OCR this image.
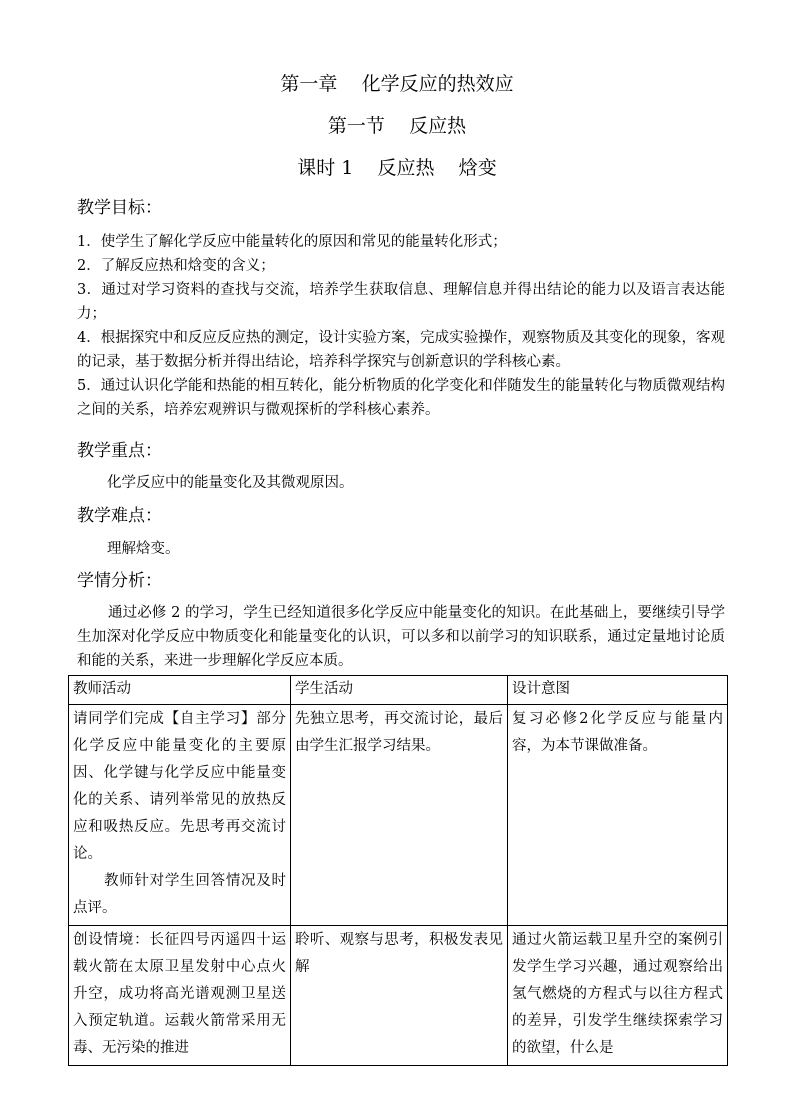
第一章    化学反应的热效应
第一节    反应热
课时 1    反应热    焓变
教学目标：

1．使学生了解化学反应中能量转化的原因和常见的能量转化形式；

2．了解反应热和焓变的含义；

3．通过对学习资料的查找与交流，培养学生获取信息、理解信息并得出结论的能力以及语言表达能力；

4．根据探究中和反应反应热的测定，设计实验方案，完成实验操作，观察物质及其变化的现象，客观的记录，基于数据分析并得出结论，培养科学探究与创新意识的学科核心素。

5．通过认识化学能和热能的相互转化，能分析物质的化学变化和伴随发生的能量转化与物质微观结构之间的关系，培养宏观辨识与微观探析的学科核心素养。

教学重点：
化学反应中的能量变化及其微观原因。
教学难点：
理解焓变。
学情分析：
通过必修 2 的学习，学生已经知道很多化学反应中能量变化的知识。在此基础上，要继续引导学生加深对化学反应中物质变化和能量变化的认识，可以多和以前学习的知识联系，通过定量地讨论质和能的关系，来进一步理解化学反应本质。
教师活动	学生活动	设计意图

请同学们完成【自主学习】部分化学反应中能量变化的主要原因、化学键与化学反应中能量变化的关系、请列举常见的放热反应和吸热反应。先思考再交流讨论。

教师针对学生回答情况及时点评。	先独立思考，再交流讨论，最后由学生汇报学习结果。	复习必修2化学反应与能量内容，为本节课做准备。

创设情境：长征四号丙遥四十运载火箭在太原卫星发射中心点火升空，成功将高光谱观测卫星送入预定轨道。运载火箭常采用无毒、无污染的推进	聆听、观察与思考，积极发表见解	通过火箭运载卫星升空的案例引发学生学习兴趣，通过观察给出氢气燃烧的方程式与以往方程式的差异，引发学生继续探索学习的欲望，什么是
